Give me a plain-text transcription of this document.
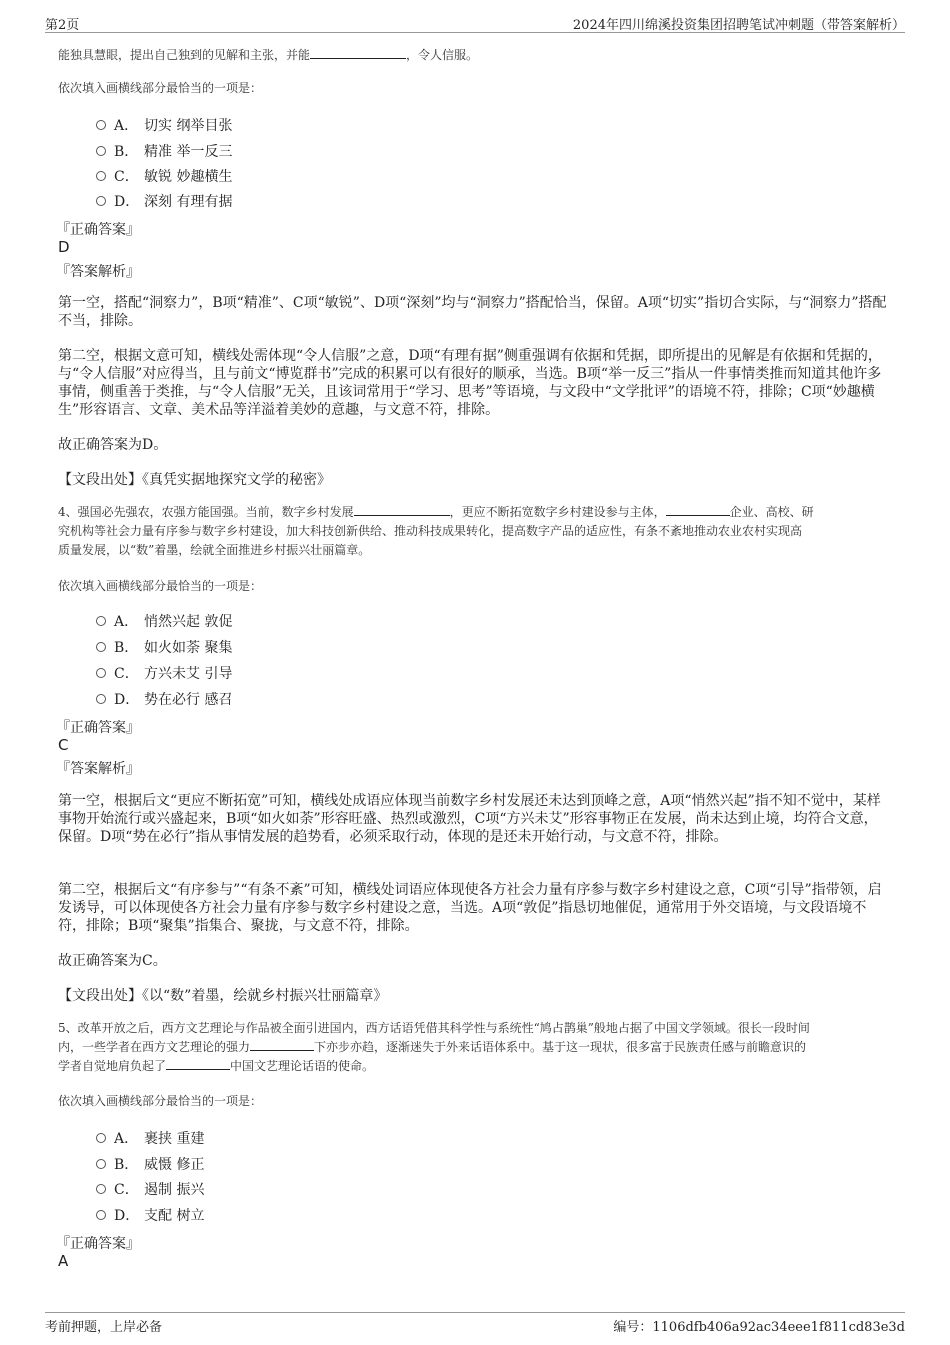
第2页	2024年四川绵溪投资集团招聘笔试冲刺题（带答案解析）
能独具慧眼，提出自己独到的见解和主张，并能	，令人信服。
依次填入画横线部分最恰当的一项是：
A． 切实 纲举目张
B． 精准 举一反三
C． 敏锐 妙趣横生
D． 深刻 有理有据
『正确答案』
D
『答案解析』
第一空，搭配“洞察力”，B项“精准”、C项“敏锐”、D项“深刻”均与“洞察力”搭配恰当，保留。A项“切实”指切合实际，与“洞察力”搭配不当，排除。
第二空，根据文意可知，横线处需体现“令人信服”之意，D项“有理有据”侧重强调有依据和凭据，即所提出的见解是有依据和凭据的，与“令人信服”对应得当，且与前文“博览群书”完成的积累可以有很好的顺承，当选。B项“举一反三”指从一件事情类推而知道其他许多事情，侧重善于类推，与“令人信服”无关，且该词常用于“学习、思考”等语境，与文段中“文学批评”的语境不符，排除；C项“妙趣横生”形容语言、文章、美术品等洋溢着美妙的意趣，与文意不符，排除。
故正确答案为D。
【文段出处】《真凭实据地探究文学的秘密》
4、强国必先强农，农强方能国强。当前，数字乡村发展	，更应不断拓宽数字乡村建设参与主体，	企业、高校、研
究机构等社会力量有序参与数字乡村建设，加大科技创新供给、推动科技成果转化，提高数字产品的适应性，有条不紊地推动农业农村实现高
质量发展，以“数”着墨，绘就全面推进乡村振兴壮丽篇章。
依次填入画横线部分最恰当的一项是：
A． 悄然兴起 敦促
B． 如火如荼 聚集
C． 方兴未艾 引导
D． 势在必行 感召
『正确答案』
C
『答案解析』
第一空，根据后文“更应不断拓宽”可知，横线处成语应体现当前数字乡村发展还未达到顶峰之意，A项“悄然兴起”指不知不觉中，某样事物开始流行或兴盛起来，B项“如火如荼”形容旺盛、热烈或激烈，C项“方兴未艾”形容事物正在发展，尚未达到止境，均符合文意，保留。D项“势在必行”指从事情发展的趋势看，必须采取行动，体现的是还未开始行动，与文意不符，排除。
第二空，根据后文“有序参与”“有条不紊”可知，横线处词语应体现使各方社会力量有序参与数字乡村建设之意，C项“引导”指带领，启发诱导，可以体现使各方社会力量有序参与数字乡村建设之意，当选。A项“敦促”指恳切地催促，通常用于外交语境，与文段语境不符，排除；B项“聚集”指集合、聚拢，与文意不符，排除。
故正确答案为C。
【文段出处】《以“数”着墨，绘就乡村振兴壮丽篇章》
5、改革开放之后，西方文艺理论与作品被全面引进国内，西方话语凭借其科学性与系统性“鸠占鹊巢”般地占据了中国文学领域。很长一段时间
内，一些学者在西方文艺理论的强力	下亦步亦趋，逐渐迷失于外来话语体系中。基于这一现状，很多富于民族责任感与前瞻意识的
学者自觉地肩负起了	中国文艺理论话语的使命。
依次填入画横线部分最恰当的一项是：
A． 裹挟 重建
B． 威慑 修正
C． 遏制 振兴
D． 支配 树立
『正确答案』
A
考前押题，上岸必备	编号：1106dfb406a92ac34eee1f811cd83e3d
